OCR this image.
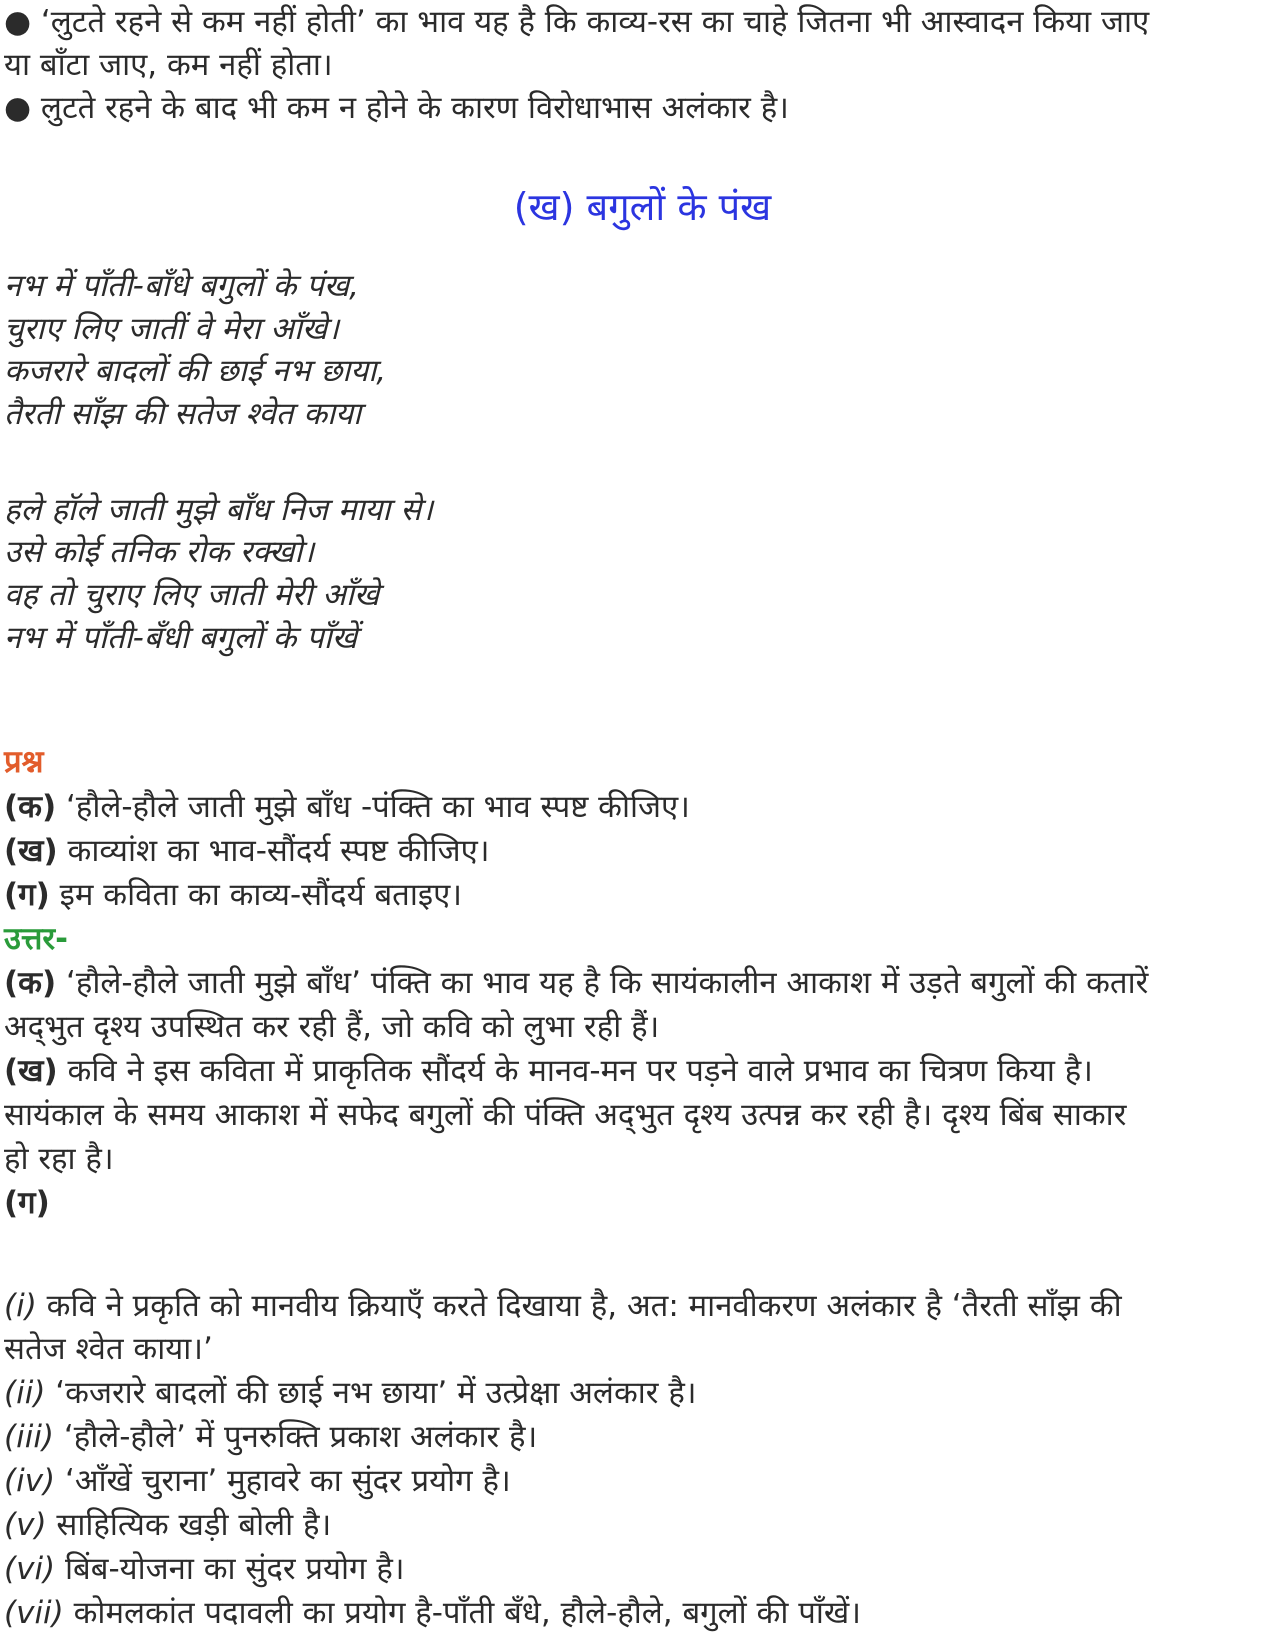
● ‘लुटते रहने से कम नहीं होती’ का भाव यह है कि काव्य-रस का चाहे जितना भी आस्वादन किया जाए

या बाँटा जाए, कम नहीं होता।

● लुटते रहने के बाद भी कम न होने के कारण विरोधाभास अलंकार है।

(ख) बगुलों के पंख

नभ में पाँती-बाँधे बगुलों के पंख,

चुराए लिए जातीं वे मेरा आँखे।

कजरारे बादलों की छाई नभ छाया,

तैरती साँझ की सतेज श्वेत काया

हले हॉले जाती मुझे बाँध निज माया से।

उसे कोई तनिक रोक रक्खो।

वह तो चुराए लिए जाती मेरी आँखे

नभ में पाँती-बँधी बगुलों के पाँखें

प्रश्न

(क) ‘हौले-हौले जाती मुझे बाँध -पंक्ति का भाव स्पष्ट कीजिए।

(ख) काव्यांश का भाव-सौंदर्य स्पष्ट कीजिए।

(ग) इम कविता का काव्य-सौंदर्य बताइए।

उत्तर-

(क) ‘हौले-हौले जाती मुझे बाँध’ पंक्ति का भाव यह है कि सायंकालीन आकाश में उड़ते बगुलों की कतारें

अद्‌भुत दृश्य उपस्थित कर रही हैं, जो कवि को लुभा रही हैं।

(ख) कवि ने इस कविता में प्राकृतिक सौंदर्य के मानव-मन पर पड़ने वाले प्रभाव का चित्रण किया है।

सायंकाल के समय आकाश में सफेद बगुलों की पंक्ति अद्‌भुत दृश्य उत्पन्न कर रही है। दृश्य बिंब साकार

हो रहा है।

(ग)

(i) कवि ने प्रकृति को मानवीय क्रियाएँ करते दिखाया है, अत: मानवीकरण अलंकार है ‘तैरती साँझ की

सतेज श्वेत काया।’

(ii) ‘कजरारे बादलों की छाई नभ छाया’ में उत्प्रेक्षा अलंकार है।

(iii) ‘हौले-हौले’ में पुनरुक्ति प्रकाश अलंकार है।

(iv) ‘आँखें चुराना’ मुहावरे का सुंदर प्रयोग है।

(v) साहित्यिक खड़ी बोली है।

(vi) बिंब-योजना का सुंदर प्रयोग है।

(vii) कोमलकांत पदावली का प्रयोग है-पाँती बँधे, हौले-हौले, बगुलों की पाँखें।
